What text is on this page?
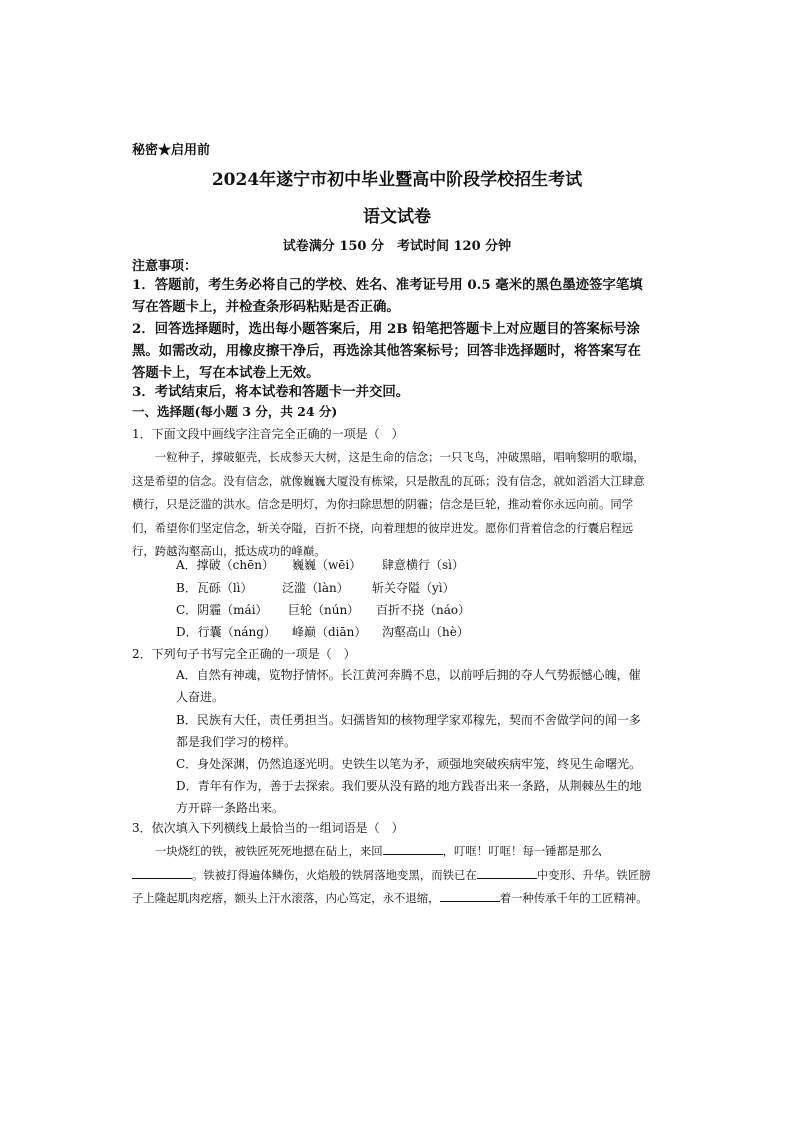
秘密★启用前
2024年遂宁市初中毕业暨高中阶段学校招生考试
语文试卷
试卷满分 150 分　考试时间 120 分钟
注意事项：
1．答题前，考生务必将自己的学校、姓名、准考证号用 0.5 毫米的黑色墨迹签字笔填写在答题卡上，并检查条形码粘贴是否正确。
2．回答选择题时，选出每小题答案后，用 2B 铅笔把答题卡上对应题目的答案标号涂黑。如需改动，用橡皮擦干净后，再选涂其他答案标号；回答非选择题时，将答案写在答题卡上，写在本试卷上无效。
3．考试结束后，将本试卷和答题卡一并交回。
一、选择题(每小题 3 分，共 24 分)
1．下面文段中画线字注音完全正确的一项是（　）
一粒种子，撑破躯壳，长成参天大树，这是生命的信念；一只飞鸟，冲破黑暗，唱响黎明的歌塌，这是希望的信念。没有信念，就像巍巍大厦没有栋梁，只是散乱的瓦砾；没有信念，就如滔滔大江肆意横行，只是泛滥的洪水。信念是明灯，为你扫除思想的阴霾；信念是巨轮，推动着你永远向前。同学们，希望你们坚定信念，斩关夺隘，百折不挠，向着理想的彼岸进发。愿你们背着信念的行囊启程远行，跨越沟壑高山，抵达成功的峰巅。
A．撑破（chēn） 巍巍（wēi） 肆意横行（sì）
B．瓦砾（lì） 泛滥（làn） 斩关夺隘（yì）
C．阴霾（mái） 巨轮（nún） 百折不挠（náo）
D．行囊（náng） 峰巅（diān） 沟壑高山（hè）
2．下列句子书写完全正确的一项是（　）
A．自然有神魂，览物抒情怀。长江黄河奔腾不息，以前呼后拥的夺人气势振憾心魄，催人奋进。
B．民族有大任，责任勇担当。妇孺皆知的核物理学家邓稼先，契而不舍做学问的闻一多都是我们学习的榜样。
C．身处深渊，仍然追逐光明。史铁生以笔为矛，顽强地突破疾病牢笼，终见生命曙光。
D．青年有作为，善于去探索。我们要从没有路的地方践沓出来一条路，从荆棘丛生的地方开辟一条路出来。
3．依次填入下列横线上最恰当的一组词语是（　）
一块烧红的铁，被铁匠死死地摁在砧上，来回	，叮哐！叮哐！每一锤都是那么。铁被打得遍体鳞伤，火焰般的铁屑落地变黑，而铁已在	中变形、升华。铁匠膀子上隆起肌肉疙瘩，额头上汗水滚落，内心笃定，永不退缩，	着一种传承千年的工匠精神。
